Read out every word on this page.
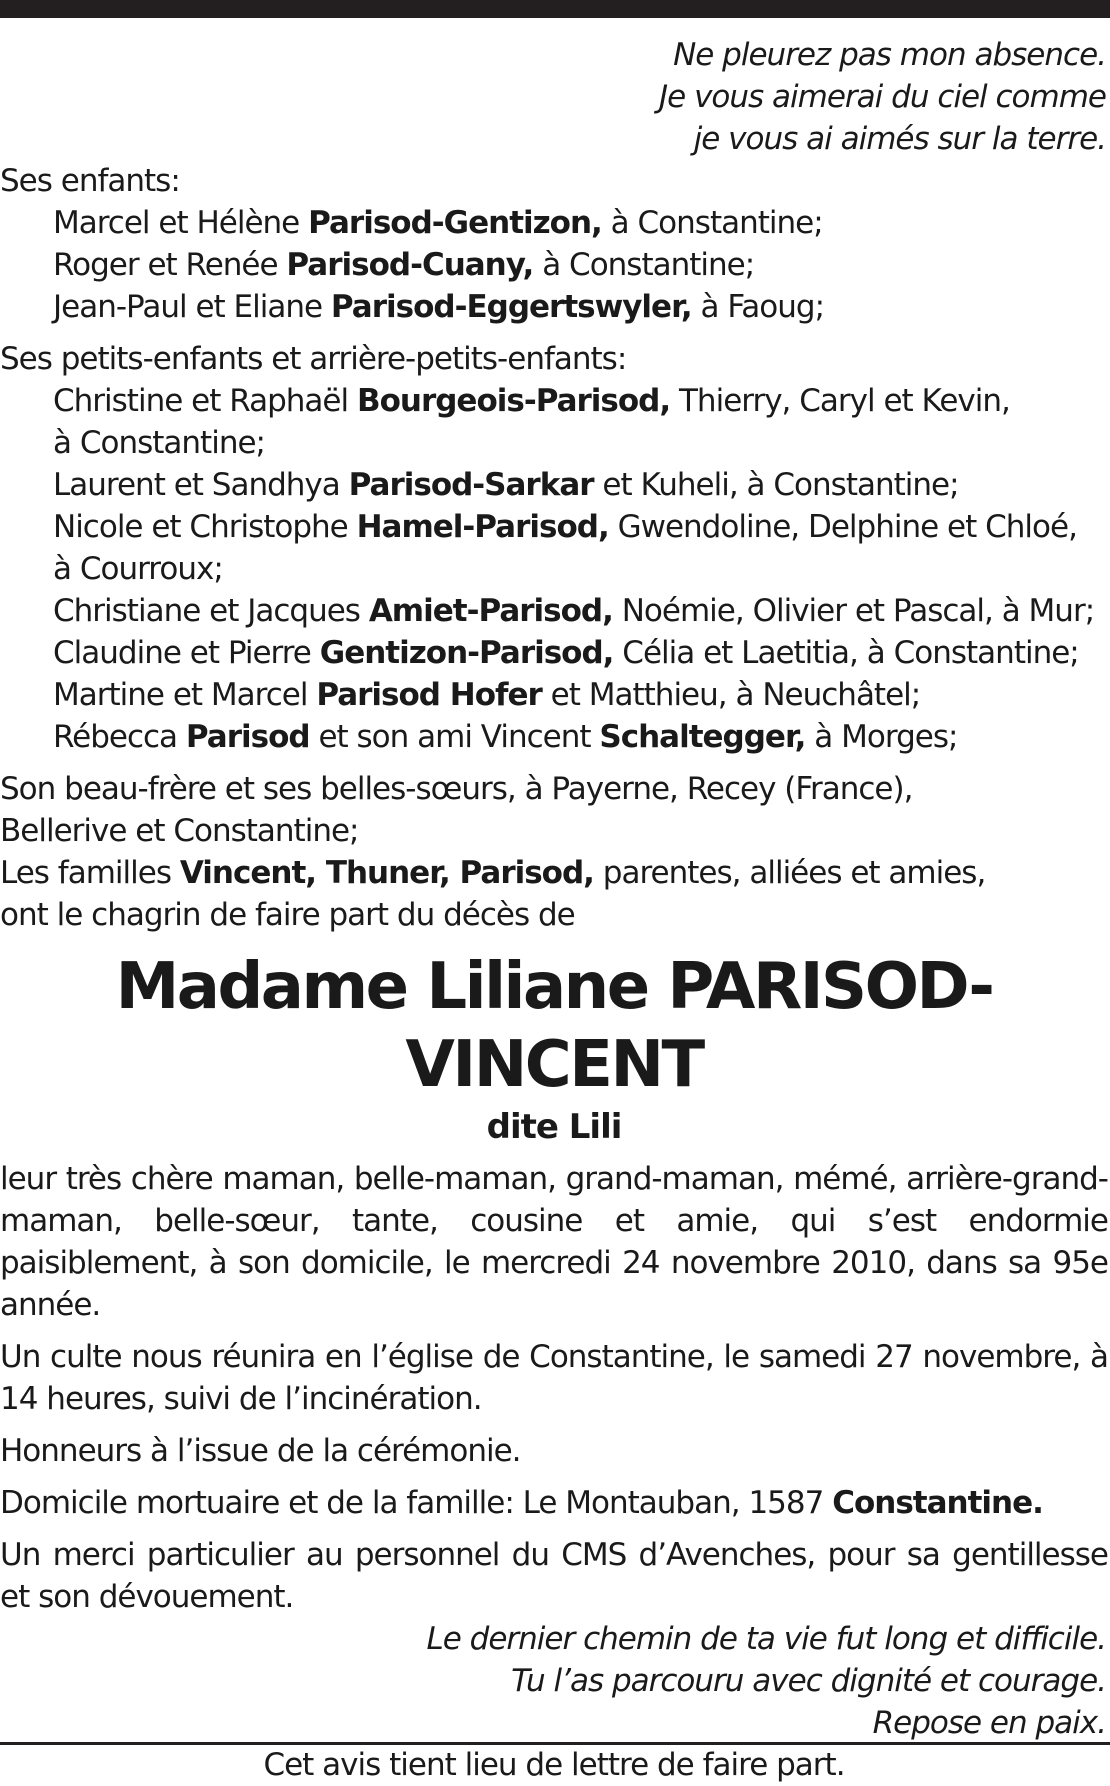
Ne pleurez pas mon absence.
Je vous aimerai du ciel comme
je vous ai aimés sur la terre.
Ses enfants:
Marcel et Hélène Parisod-Gentizon, à Constantine;
Roger et Renée Parisod-Cuany, à Constantine;
Jean-Paul et Eliane Parisod-Eggertswyler, à Faoug;
Ses petits-enfants et arrière-petits-enfants:
Christine et Raphaël Bourgeois-Parisod, Thierry, Caryl et Kevin,
à Constantine;
Laurent et Sandhya Parisod-Sarkar et Kuheli, à Constantine;
Nicole et Christophe Hamel-Parisod, Gwendoline, Delphine et Chloé,
à Courroux;
Christiane et Jacques Amiet-Parisod, Noémie, Olivier et Pascal, à Mur;
Claudine et Pierre Gentizon-Parisod, Célia et Laetitia, à Constantine;
Martine et Marcel Parisod Hofer et Matthieu, à Neuchâtel;
Rébecca Parisod et son ami Vincent Schaltegger, à Morges;
Son beau-frère et ses belles-sœurs, à Payerne, Recey (France),
Bellerive et Constantine;
Les familles Vincent, Thuner, Parisod, parentes, alliées et amies,
ont le chagrin de faire part du décès de
Madame Liliane PARISOD-VINCENT
dite Lili
leur très chère maman, belle-maman, grand-maman, mémé, arrière-grand-maman, belle-sœur, tante, cousine et amie, qui s’est endormie paisiblement, à son domicile, le mercredi 24 novembre 2010, dans sa 95e année.
Un culte nous réunira en l’église de Constantine, le samedi 27 novembre, à 14 heures, suivi de l’incinération.
Honneurs à l’issue de la cérémonie.
Domicile mortuaire et de la famille: Le Montauban, 1587 Constantine.
Un merci particulier au personnel du CMS d’Avenches, pour sa gentillesse et son dévouement.
Le dernier chemin de ta vie fut long et difficile.
Tu l’as parcouru avec dignité et courage.
Repose en paix.
Cet avis tient lieu de lettre de faire part.
